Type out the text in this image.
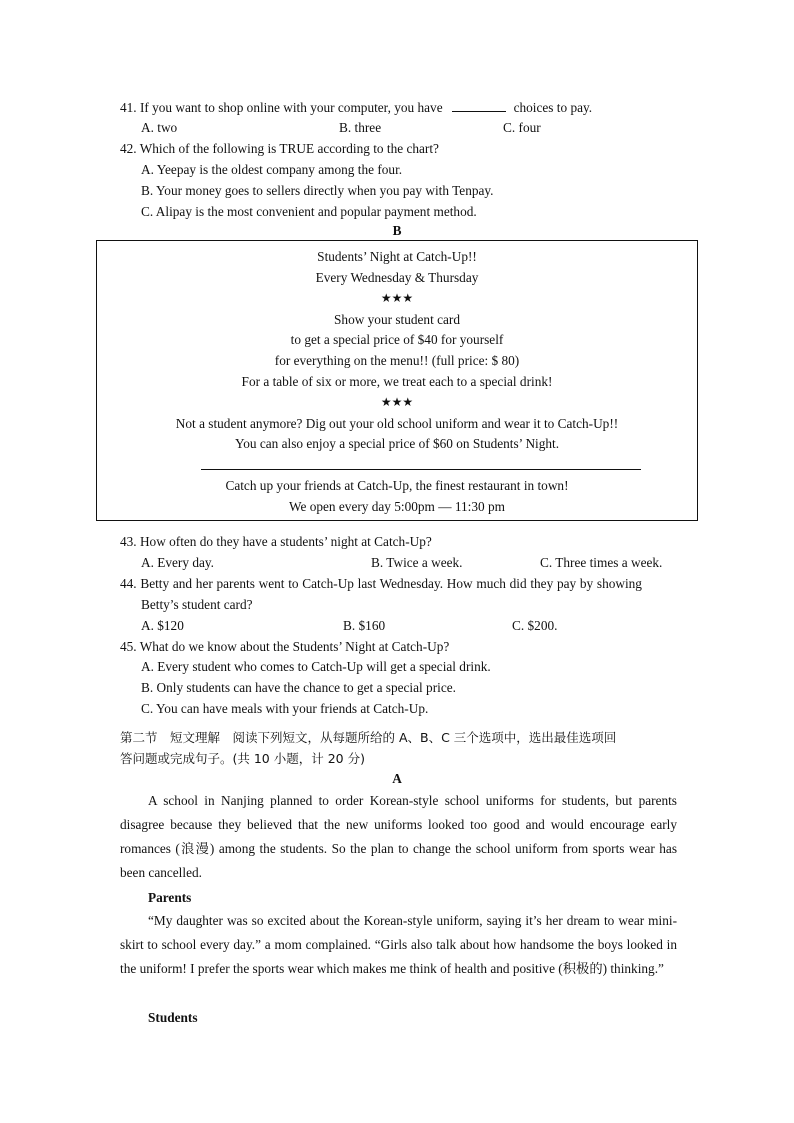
41. If you want to shop online with your computer, you have	choices to pay.
A. two	B. three	C. four
42. Which of the following is TRUE according to the chart?
A. Yeepay is the oldest company among the four.
B. Your money goes to sellers directly when you pay with Tenpay.
C. Alipay is the most convenient and popular payment method.
B
Students’ Night at Catch-Up!!
Every Wednesday & Thursday
★★★
Show your student card
to get a special price of $40 for yourself
for everything on the menu!! (full price: $ 80)
For a table of six or more, we treat each to a special drink!
★★★
Not a student anymore? Dig out your old school uniform and wear it to Catch-Up!!
You can also enjoy a special price of $60 on Students’ Night.
Catch up your friends at Catch-Up, the finest restaurant in town!
We open every day 5:00pm — 11:30 pm
43. How often do they have a students’ night at Catch-Up?
A. Every day.	B. Twice a week.	C. Three times a week.
44. Betty and her parents went to Catch-Up last Wednesday. How much did they pay by showing
Betty’s student card?
A. $120	B. $160	C. $200.
45. What do we know about the Students’ Night at Catch-Up?
A. Every student who comes to Catch-Up will get a special drink.
B. Only students can have the chance to get a special price.
C. You can have meals with your friends at Catch-Up.
第二节　短文理解　阅读下列短文，从每题所给的 A、B、C 三个选项中，选出最佳选项回
答问题或完成句子。(共 10 小题，计 20 分)
A
A school in Nanjing planned to order Korean-style school uniforms for students, but parents disagree because they believed that the new uniforms looked too good and would encourage early romances (浪漫) among the students. So the plan to change the school uniform from sports wear has been cancelled.
Parents
“My daughter was so excited about the Korean-style uniform, saying it’s her dream to wear mini-skirt to school every day.” a mom complained. “Girls also talk about how handsome the boys looked in the uniform! I prefer the sports wear which makes me think of health and positive (积极的) thinking.”
Students
